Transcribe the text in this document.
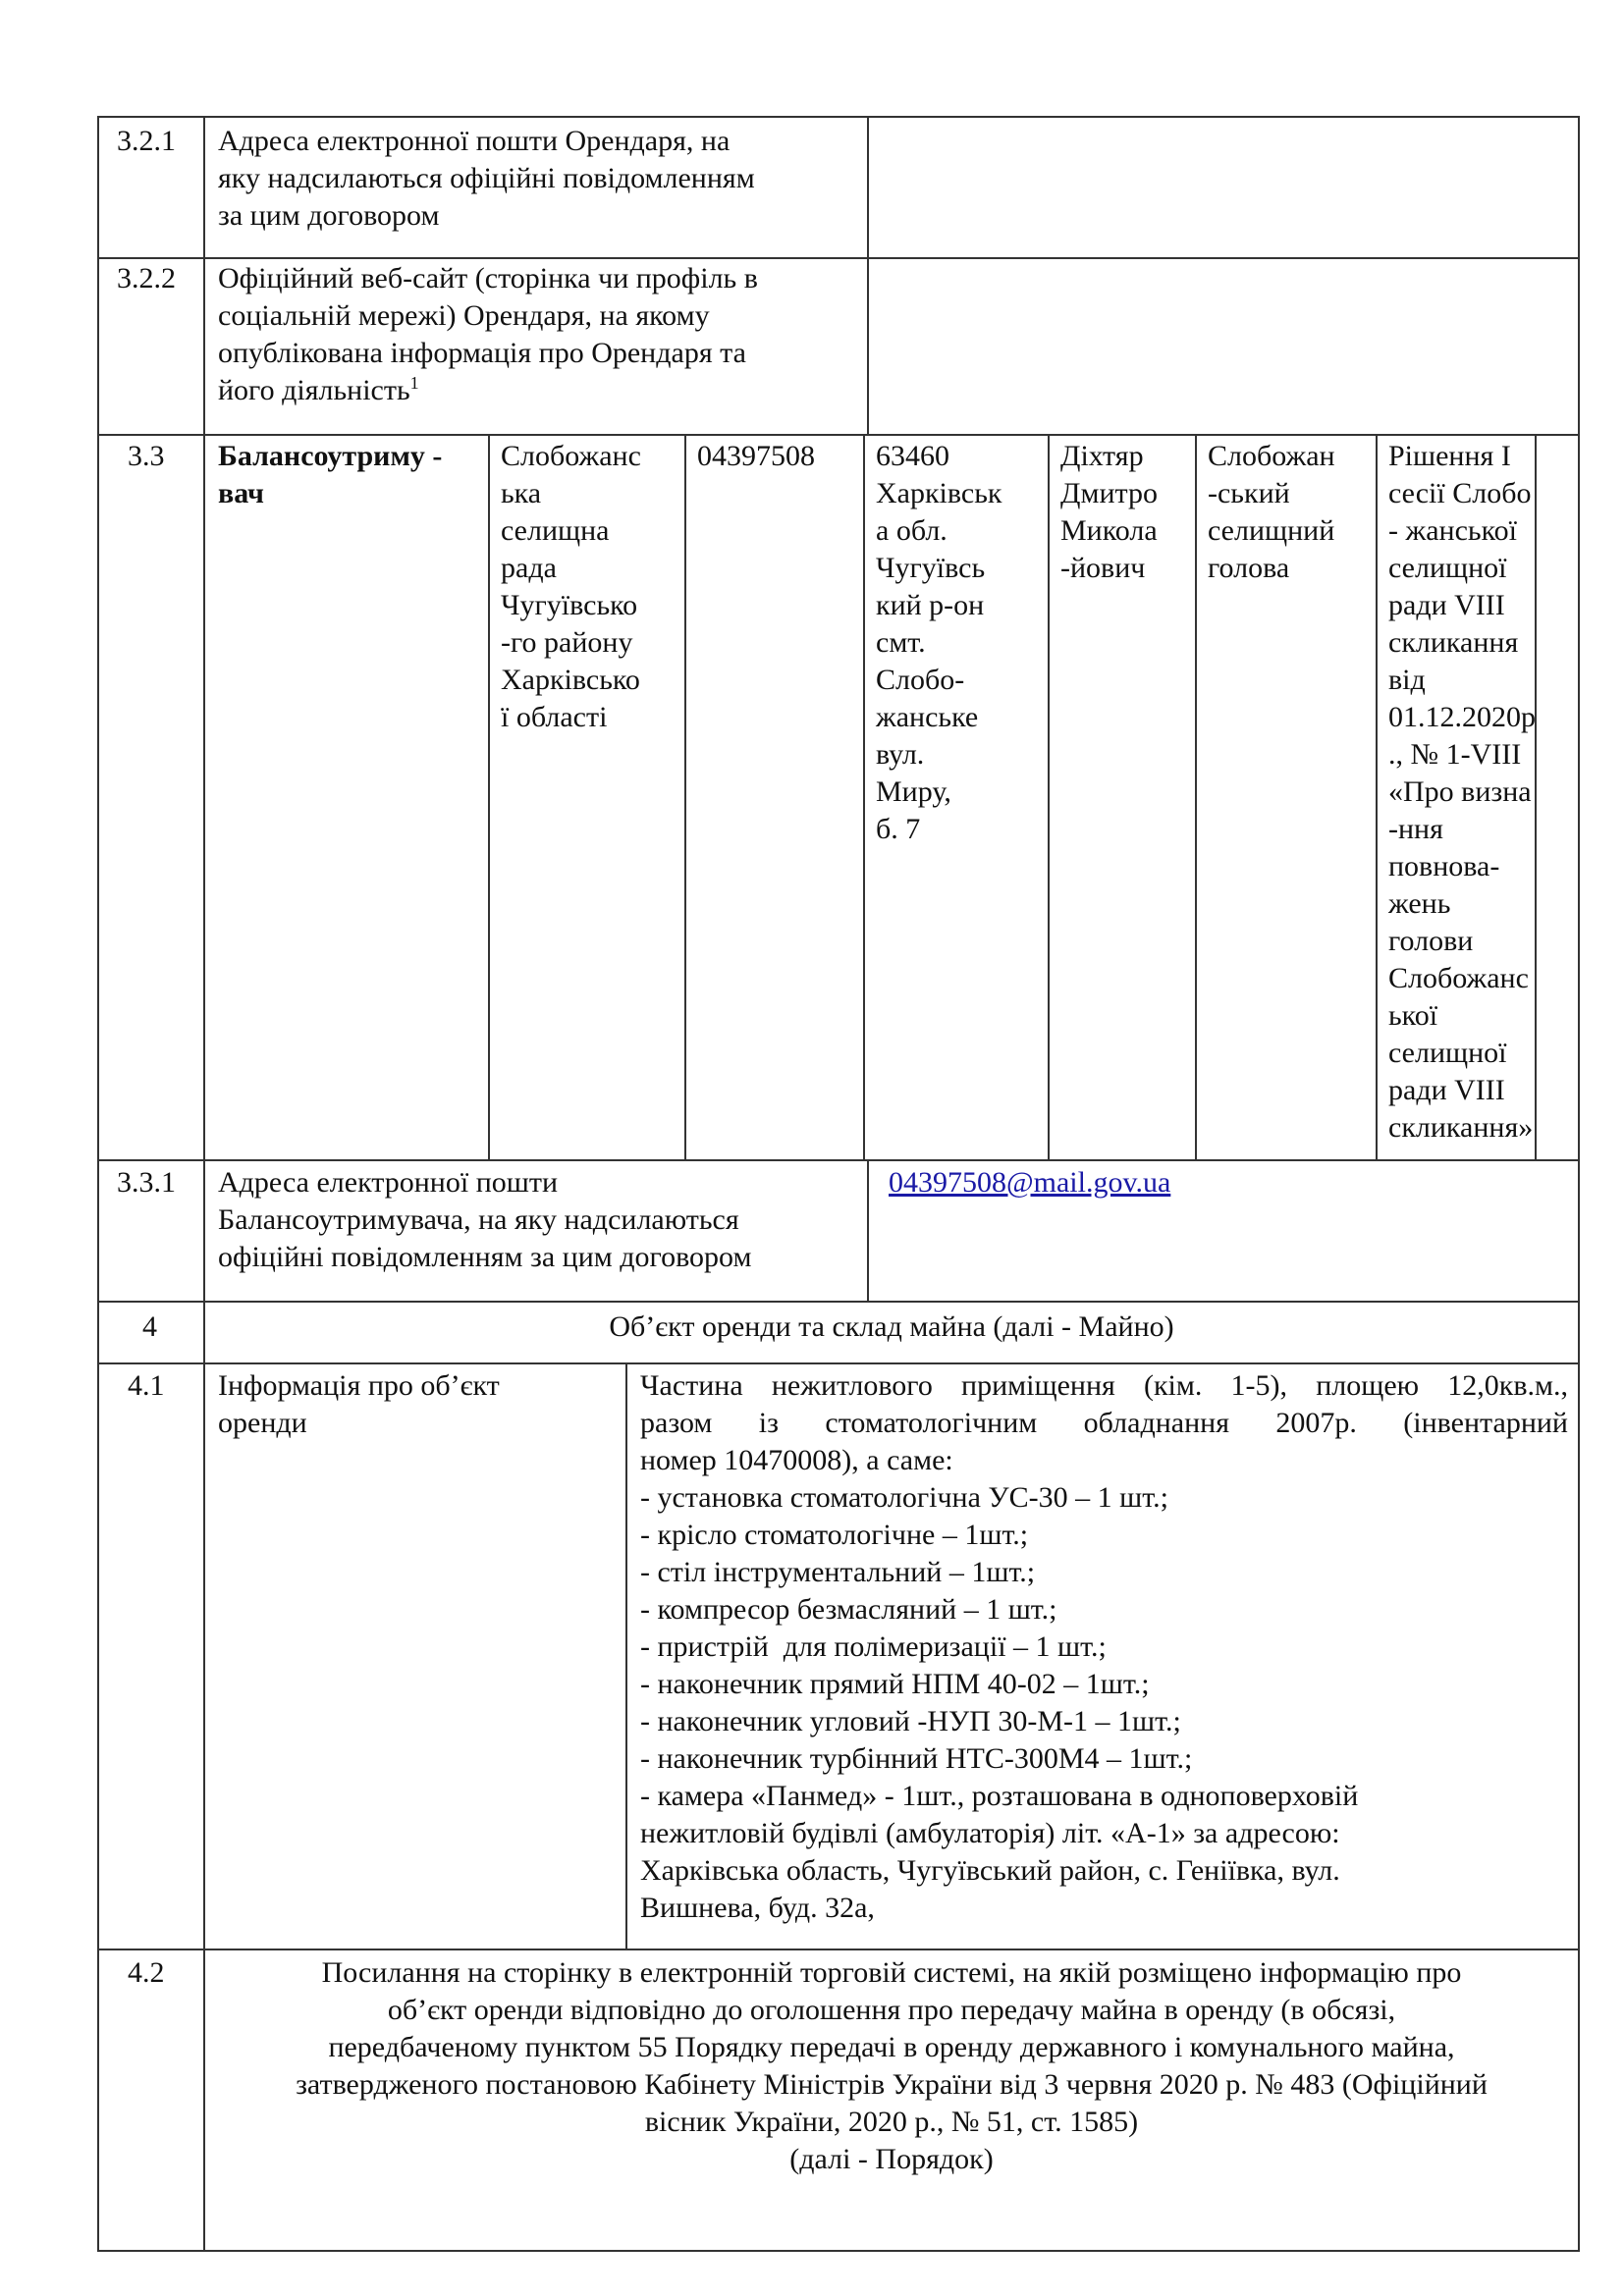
3.2.1 Адреса електронної пошти Орендаря, на
яку надсилаються офіційні повідомленням
за цим договором
3.2.2 Офіційний веб-сайт (сторінка чи профіль в
соціальній мережі) Орендаря, на якому
опублікована інформація про Орендаря та
його діяльність$^1$
3.3 Балансоутриму -
вач
Слобожанс
ька
селищна
рада
Чугуївсько
-го району
Харківсько
ї області
04397508 63460
Харківськ
а обл.
Чугуївсь
кий р-он
смт.
Слобо-
жанське
вул.
Миру,
б. 7
Діхтяр
Дмитро
Микола
-йович
Слобожан
-ський
селищний
голова
Рішення I
сесії Слобо
- жанської
селищної
ради VIII
скликання
від
01.12.2020р
., № 1-VIII
«Про визна
-ння
повнова-
жень
голови
Слобожанс
ької
селищної
ради VIII
скликання»
3.3.1 Адреса електронної пошти
Балансоутримувача, на яку надсилаються
офіційні повідомленням за цим договором
04397508@mail.gov.ua
4	Об’єкт оренди та склад майна (далі - Майно)
4.1 Інформація про об’єкт
оренди
Частина нежитлового приміщення (кім. 1-5), площею 12,0кв.м.,
разом із стоматологічним обладнання 2007р. (інвентарний
номер 10470008), а саме:
- установка стоматологічна УС-30 – 1 шт.;
- крісло стоматологічне – 1шт.;
- стіл інструментальний – 1шт.;
- компресор безмасляний – 1 шт.;
- пристрій  для полімеризації – 1 шт.;
- наконечник прямий НПМ 40-02 – 1шт.;
- наконечник угловий -НУП 30-М-1 – 1шт.;
- наконечник турбінний НТС-300М4 – 1шт.;
- камера «Панмед» - 1шт., розташована в одноповерховій
нежитловій будівлі (амбулаторія) літ. «А-1» за адресою:
Харківська область, Чугуївський район, с. Геніївка, вул.
Вишнева, буд. 32а,
4.2	Посилання на сторінку в електронній торговій системі, на якій розміщено інформацію про
об’єкт оренди відповідно до оголошення про передачу майна в оренду (в обсязі,
передбаченому пунктом 55 Порядку передачі в оренду державного і комунального майна,
затвердженого постановою Кабінету Міністрів України від 3 червня 2020 р. № 483 (Офіційний
вісник України, 2020 р., № 51, ст. 1585)
(далі - Порядок)
